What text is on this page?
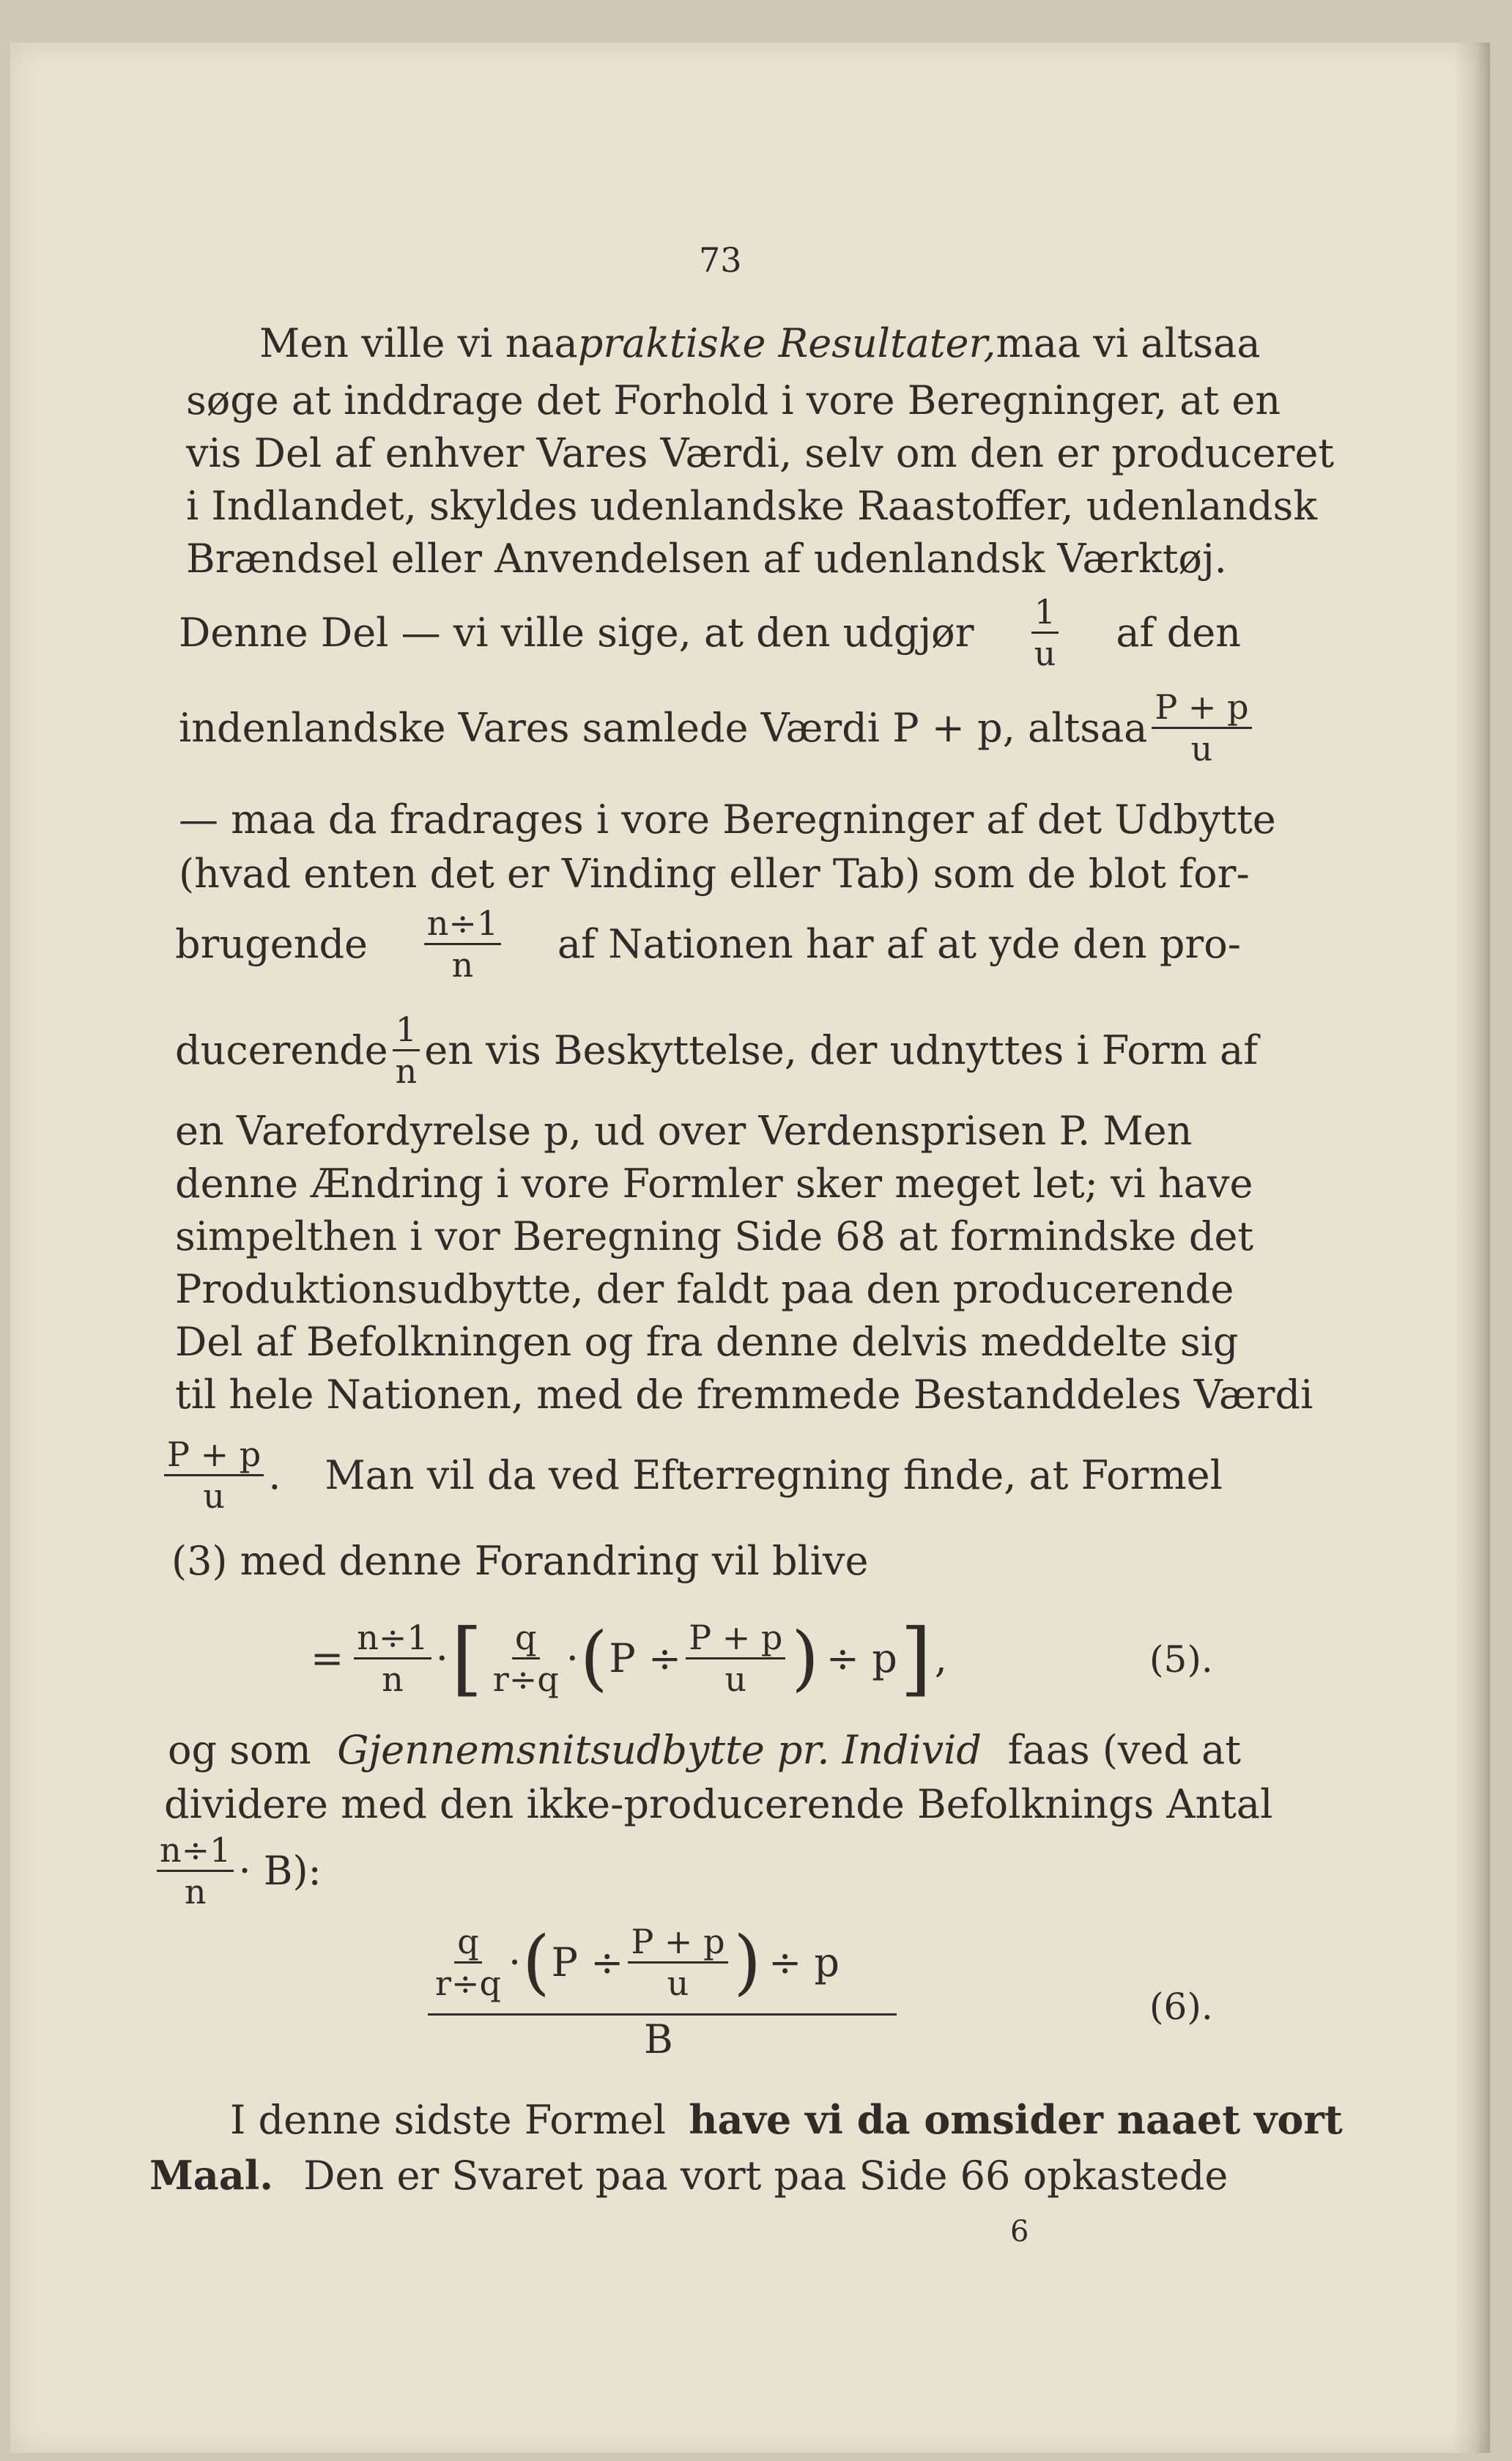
73
Men ville vi naa praktiske Resultater, maa vi altsaa
søge at inddrage det Forhold i vore Beregninger, at en
vis Del af enhver Vares Værdi, selv om den er produceret
i Indlandet, skyldes udenlandske Raastoffer, udenlandsk
Brændsel eller Anvendelsen af udenlandsk Værktøj.
Denne Del — vi ville sige, at den udgjør $\frac{1}{u}$ af den
indenlandske Vares samlede Værdi P + p, altsaa $\frac{P + p}{u}$
— maa da fradrages i vore Beregninger af det Udbytte
(hvad enten det er Vinding eller Tab) som de blot for-
brugende $\frac{n\div 1}{n}$ af Nationen har af at yde den pro-
ducerende $\frac{1}{n}$ en vis Beskyttelse, der udnyttes i Form af
en Varefordyrelse p, ud over Verdensprisen P. Men
denne Ændring i vore Formler sker meget let; vi have
simpelthen i vor Beregning Side 68 at formindske det
Produktionsudbytte, der faldt paa den producerende
Del af Befolkningen og fra denne delvis meddelte sig
til hele Nationen, med de fremmede Bestanddeles Værdi
$\frac{P + p}{u}$ . Man vil da ved Efterregning finde, at Formel
(3) med denne Forandring vil blive
= $\frac{n\div 1}{n}$ · [ $\frac{q}{r\div q}$ · ( $P \div \frac{P + p}{u}$ ) ÷ p ] ,	(5).
og som Gjennemsnitsudbytte pr. Individ faas (ved at
dividere med den ikke-producerende Befolknings Antal
$\frac{n\div 1}{n} \cdot B$):
$\frac{q}{r\div q}$ · ( $P \div \frac{P + p}{u}$ ) ÷ p
B
(6).
I denne sidste Formel have vi da omsider naaet vort
Maal. Den er Svaret paa vort paa Side 66 opkastede
6
